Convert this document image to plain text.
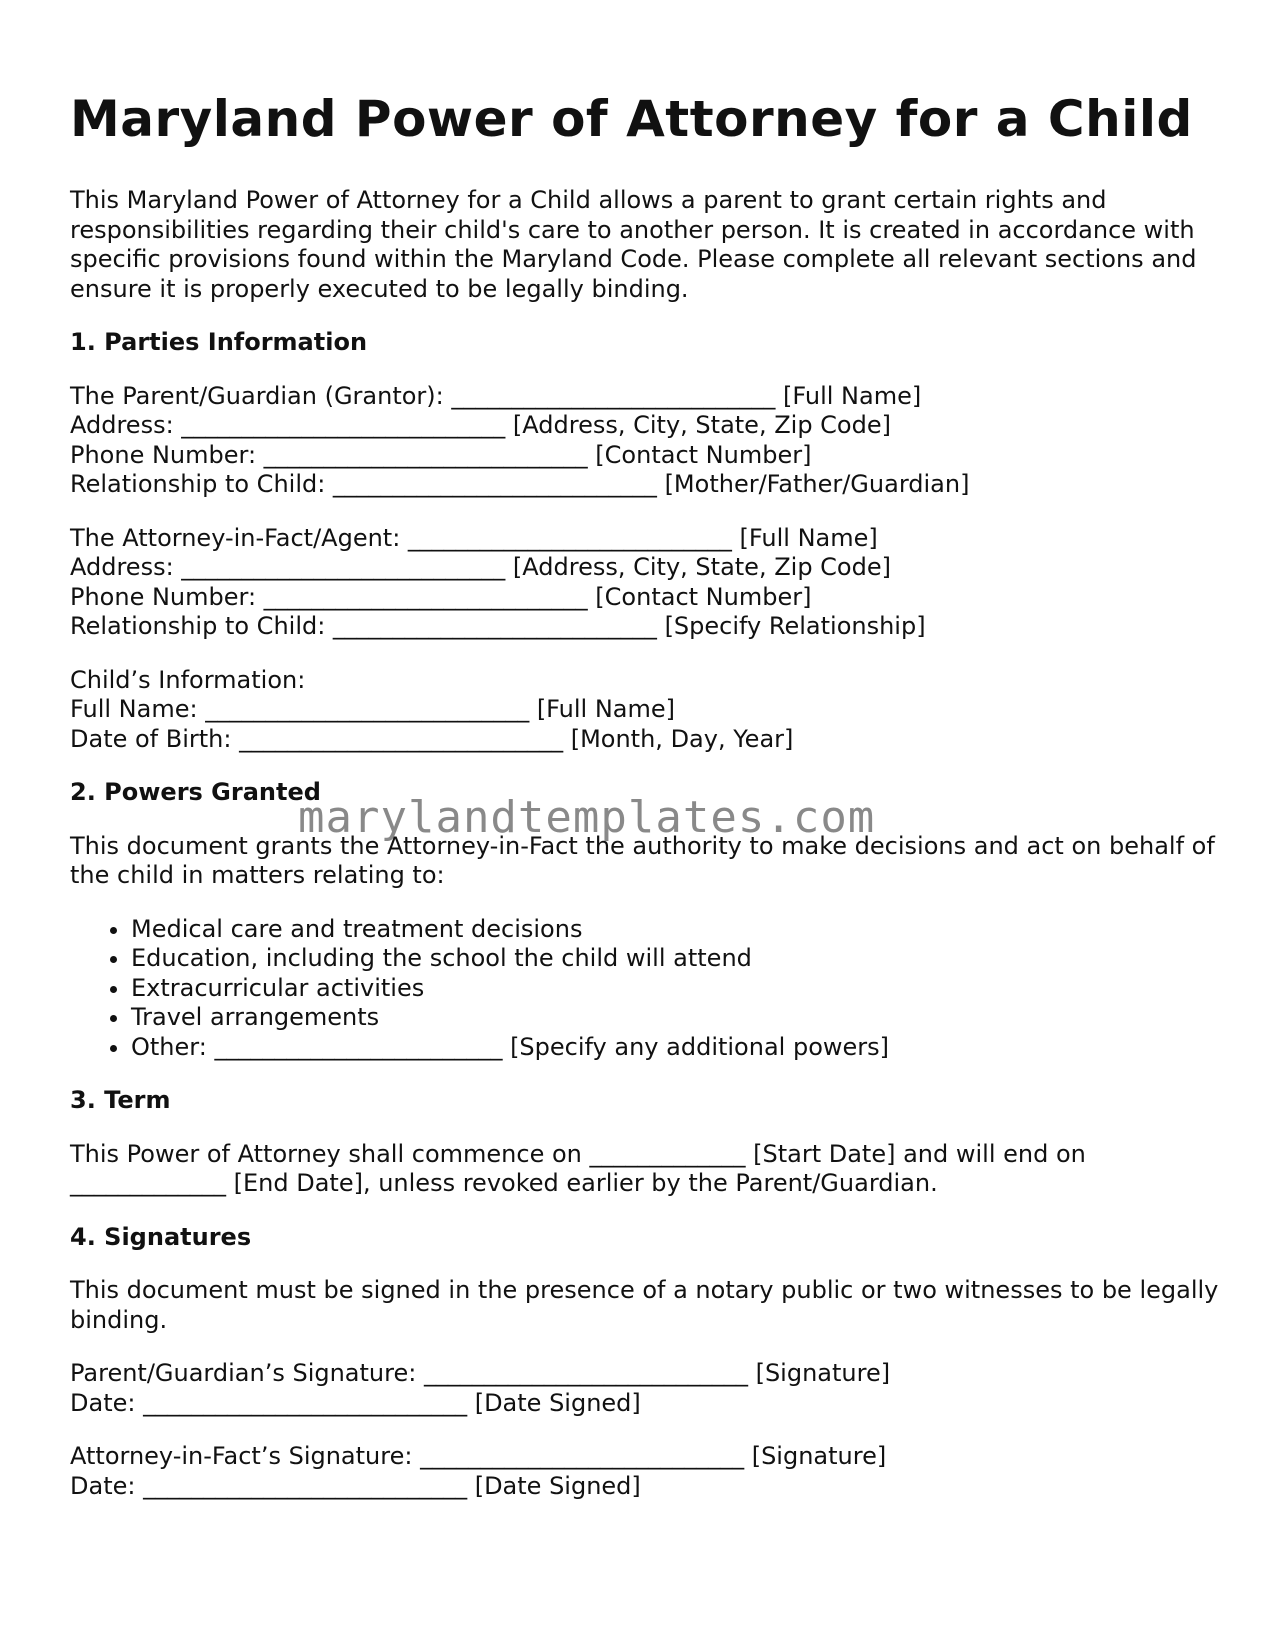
Maryland Power of Attorney for a Child

This Maryland Power of Attorney for a Child allows a parent to grant certain rights and responsibilities regarding their child's care to another person. It is created in accordance with specific provisions found within the Maryland Code. Please complete all relevant sections and ensure it is properly executed to be legally binding.

1. Parties Information
The Parent/Guardian (Grantor): ___________________________ [Full Name]
Address: ___________________________ [Address, City, State, Zip Code]
Phone Number: ___________________________ [Contact Number]
Relationship to Child: ___________________________ [Mother/Father/Guardian]
The Attorney-in-Fact/Agent: ___________________________ [Full Name]
Address: ___________________________ [Address, City, State, Zip Code]
Phone Number: ___________________________ [Contact Number]
Relationship to Child: ___________________________ [Specify Relationship]
Child’s Information:
Full Name: ___________________________ [Full Name]
Date of Birth: ___________________________ [Month, Day, Year]
2. Powers Granted

This document grants the Attorney-in-Fact the authority to make decisions and act on behalf of the child in matters relating to:

• Medical care and treatment decisions
• Education, including the school the child will attend
• Extracurricular activities
• Travel arrangements
• Other: ________________________ [Specify any additional powers]
3. Term

This Power of Attorney shall commence on _____________ [Start Date] and will end on _____________ [End Date], unless revoked earlier by the Parent/Guardian.

4. Signatures

This document must be signed in the presence of a notary public or two witnesses to be legally binding.

Parent/Guardian’s Signature: ___________________________ [Signature]
Date: ___________________________ [Date Signed]
Attorney-in-Fact’s Signature: ___________________________ [Signature]
Date: ___________________________ [Date Signed]
marylandtemplates.com
